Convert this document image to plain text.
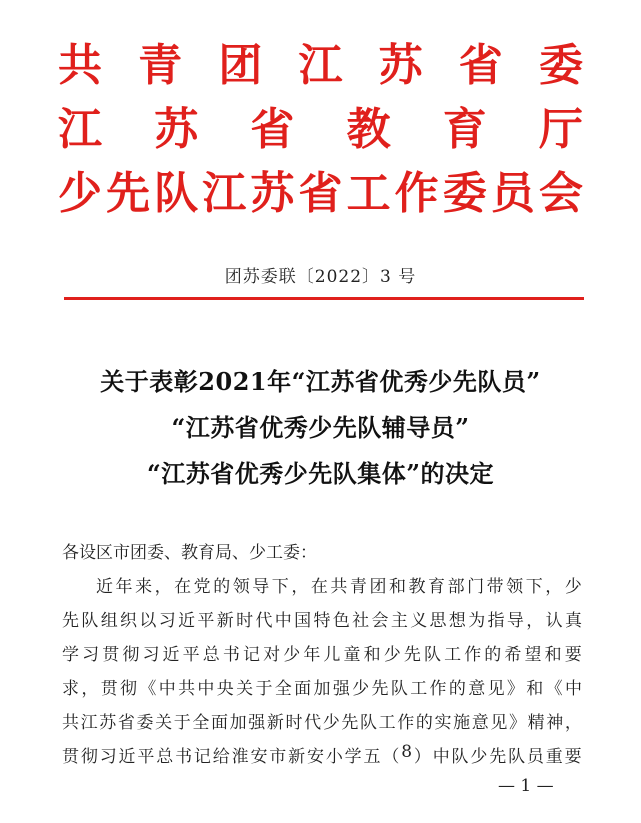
共 青 团 江 苏 省 委
江 苏 省 教 育 厅
少 先 队 江 苏 省 工 作 委 员 会
团苏委联〔2022〕3 号
关于表彰2021年“江苏省优秀少先队员”
“江苏省优秀少先队辅导员”
“江苏省优秀少先队集体”的决定
各设区市团委、教育局、少工委：
近 年 来 ， 在 党 的 领 导 下 ， 在 共 青 团 和 教 育 部 门 带 领 下 ， 少
先 队 组 织 以 习 近 平 新 时 代 中 国 特 色 社 会 主 义 思 想 为 指 导 ， 认 真
学 习 贯 彻 习 近 平 总 书 记 对 少 年 儿 童 和 少 先 队 工 作 的 希 望 和 要
求 ， 贯 彻 《 中 共 中 央 关 于 全 面 加 强 少 先 队 工 作 的 意 见 》 和 《 中
共 江 苏 省 委 关 于 全 面 加 强 新 时 代 少 先 队 工 作 的 实 施 意 见 》 精 神 ，
贯 彻 习 近 平 总 书 记 给 淮 安 市 新 安 小 学 五 （ 8 ） 中 队 少 先 队 员 重 要
— 1 —
